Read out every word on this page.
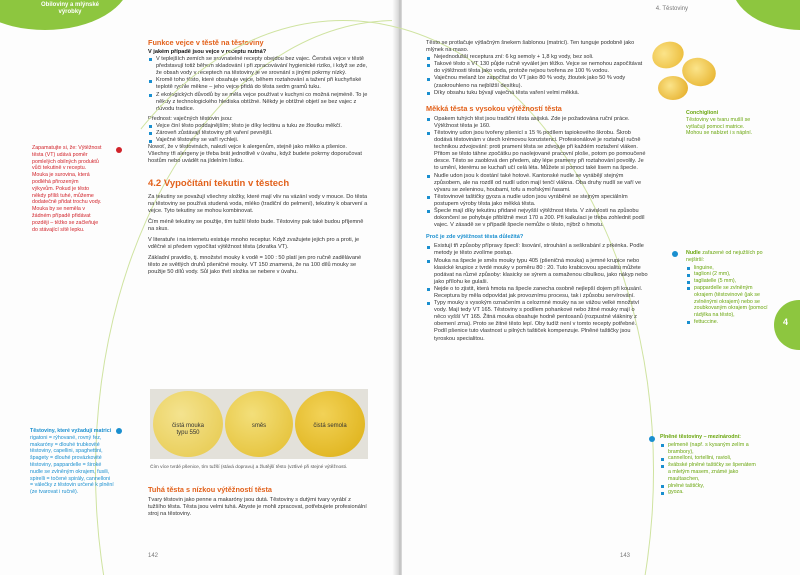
Obiloviny a mlýnské výrobky
Zapamatujte si, že: Výtěžnost těsta (VT) udává poměr pomlelých obilných produktů vůči tekutině v receptu. Mouka je surovina, která podléhá přirozeným výkyvům. Pokud je těsto někdy příliš tuhé, můžeme dodatečně přidat trochu vody. Mouka by se neměla v žádném případě přidávat později – těžko se začleňuje do stávající sítě lepku.
Těstoviny, které vyžadují matrici rigatoni = rýhované, rovný řez, makaróny = dlouhé trubkovité těstoviny, capellini, spaghettini, špagety = dlouhé provázkovité těstoviny, pappardelle = široké nudle se zvlněným okrajem, fusili, spirelli = točené spirály, cannelloni = válečky z těstovin určené k plnění (ze tvarovat i ručně).
Funkce vejce v těstě na těstoviny
V jakém případě jsou vejce v receptu nutná?
V teplejších zemích se srovnatelné recepty obejdou bez vajec. Čerstvá vejce v těstě představují totiž během skladování i při zpracovávání hygienické riziko, i když se zde, že obsah vody v receptech na těstoviny je ve srovnání s jinými pokrmy nízký.
Kromě toho těsto, které obsahuje vejce, během roztahování a tažení při kuchyňské teplotě rychle měkne – jeho vejce přidá do těsta sedm gramů tuku.
Z ekologických důvodů by se měla vejce používat v kuchyni co možná nejméně. To je někdy z technologického hlediska obtížné. Někdy je obtížné objetí se bez vajec z důvodu tradice.
Přednost: vaječných těstovin jsou:
Vejce činí těsto poddajnějším; těsto je díky lecitinu a tuku ze žloutku měkčí.
Zároveň zůstávají těstoviny při vaření pevnější.
Vaječné těstoviny se vaří rychleji.
Nowoť, že v těstovinách, nalezli vejce k alergenům, stejně jako mléko a pšenice. Všechny tři alergeny je třeba brát jednotlivě v úvahu, když budete pokrmy doporučovat hostům nebo uvádět na jídelním lístku.
4.2 Vypočítání tekutin v těstech
Za tekutiny se považují všechny složky, které mají vliv na vázání vody v mouce. Do těsta na těstoviny se používá studená voda, mléko (tradiční do pelmení), tekutiny k obarvení a vejce. Tyto tekutiny se mohou kombinovat.
Čím méně tekutiny se použije, tím tužší těsto bude. Těstoviny pak také budou příjemně na skus.
V literatuře i na internetu existuje mnoho receptur. Když zvažujete jejich pro a proti, je vděčné si předem vypočítat výtěžnost těsta (zkratka VT).
Základní pravidlo, tj. množství mouky k vodě = 100 : 50 platí jen pro ručně zadělávané těsto ze světlých druhů pšeničné mouky. VT 150 znamená, že na 100 dílů mouky se použije 50 dílů vody. Sůl jako třetí složka se nebere v úvahu.
čistá mouka typu 550
směs	čistá semola
Čím více tvrdé pšenice, tím tužší (stává dopravu) a žlutější těsto (vztlivé při stejné výtěžnosti.
Tuhá těsta s nízkou výtěžností těsta
Tvary těstovin jako penne a makaróny jsou dutá. Těstoviny s dutými tvary vyrábí z tužšího těsta. Těsta jsou velmi tuhá. Abyste je mohli zpracovat, potřebujete profesionální stroj na těstoviny.
142
4. Těstoviny
Těsto se protlačuje výtlačným šnekem šablonou (matricí). Ten tunguje podobně jako mlýnek na maso.
Nejednodušší receptura zní: 6 kg semoly + 1,8 kg vody, bez soli.
Takové těsto s VT 130 půjde ručně vyválet jen těžko. Vejce se nemohou započítávat do výtěžnosti těsta jako voda, protože nejsou tvořena ze 100 % vodou.
Vaječnou melanž lze započítat do VT jako 80 % vody, žloutek jako 50 % vody (zaokrouhleno na nejbližší desítku).
Díky obsahu tuku bývají vaječná těsta vaření velmi měkká.
Měkká těsta s vysokou výtěžností těsta
Opakem tuhých těst jsou tradiční těsta asijská. Zde je požadována ruční práce. Výtěžnost těsta je 160.
Těstoviny udon jsou tvořeny pšenicí s 15 % podílem tapiokového škrobu. Škrob dodává těstovinám v útech krémovou konzistenci. Profesionálové je roztahují ručně technikou zdvojování: proti prameni těsta se zdvojuje při každém roztažení vláken. Přitom se těsto táhne zpočátku po naolejované pracovní ploše, potom po pomoučené desce. Těsto se zaoblová den předem, aby lépe prameny při roztahování povolily. Je to umění, kterému se kuchaři učí celá léta. Můžete si pomoci také lisem na špecle.
Nudle udon jsou k dostání také hotové. Kantonské nudle se vyrábějí stejným způsobem, ale na rozdíl od nudlí udon mají tenčí vlákna. Oba druhy nudlí se vaří ve vývaru se zeleninou, houbami, tofu a mořskými řasami.
Těstovinové taštičky gyoza a nudle udon jsou vyráběné se stejným speciálním postupem výroby těsta jako měkká těsta.
Špecle mají díky tekutinu přidané nejvyšší výtěžnost těsta. V závislosti na způsobu dokončení se pohybuje přibližně mezi 170 a 200. Při kalkulaci je třeba zohlednit podíl vajec. V zásadě se v případě špecle nemůže o těsto, nýbrž o hmotu.
Proč je zde výtěžnost těsta důležitá?
Existují tři způsoby přípravy špeclí: lisování, strouhání a seškrabání z prkénka. Podle metody je těsto zvolíme postup.
Mouka na špecle je směs mouky typu 405 (pšeničná mouka) a jemné krupice nebo klasické krupice z tvrdé mouky v poměru 80 : 20. Tuto krabicovou specialitu můžete podávat na různé způsoby: klasicky se sýrem a osmaženou cibulkou, jako nákyp nebo jako přílohu ke gulaši.
Nejde o to zjistit, která hmota na špecle zanecha osobně nejlepší dojem při kousání. Receptura by měla odpovídat jak provoznímu procesu, tak i způsobu servírování.
Typy mouky s vysokým označením a celozrnné mouky na se vážou velké množství vody. Mají tedy VT 165. Těstoviny s podílem pohankové nebo žitné mouky mají o něco vyšší VT 165. Žitná mouka obsahuje hodně pentosanů (rozpustné vlákniny z obemení zrna). Proto se žitné těsto lepí. Oby tudíž není v tomto recepty potřebné. Podíl pšenice tuto vlastnost u pilných taštiček kompenzuje. Plněné taštičky jsou tyroskou specialitou.
Conchiglioni
Těstoviny ve tvaru mušlí se vytlačují pomocí matrice. Mohou se nabízet i s náplní.
Nudle zařazené od nejužších po nejširší:
linguine,
taglioni (2 mm),
tagliatelle (5 mm),
pappardelle se zvlněným okrajem (těstovinové (jak se zvlněnými okrajem) nebo se zoubkovaným okrajem (pomocí rádýlka na těsto),
fettuccine.
Plněné těstoviny – mezinárodní:
pelmeně (např. s kysaným zelím a brambory),
cannelloni, tortellini, ravioli,
švábské plněné taštičky se špenátem a mletým masem, známé jako maultaschen,
plněné taštičky,
gyoza.
4
143
